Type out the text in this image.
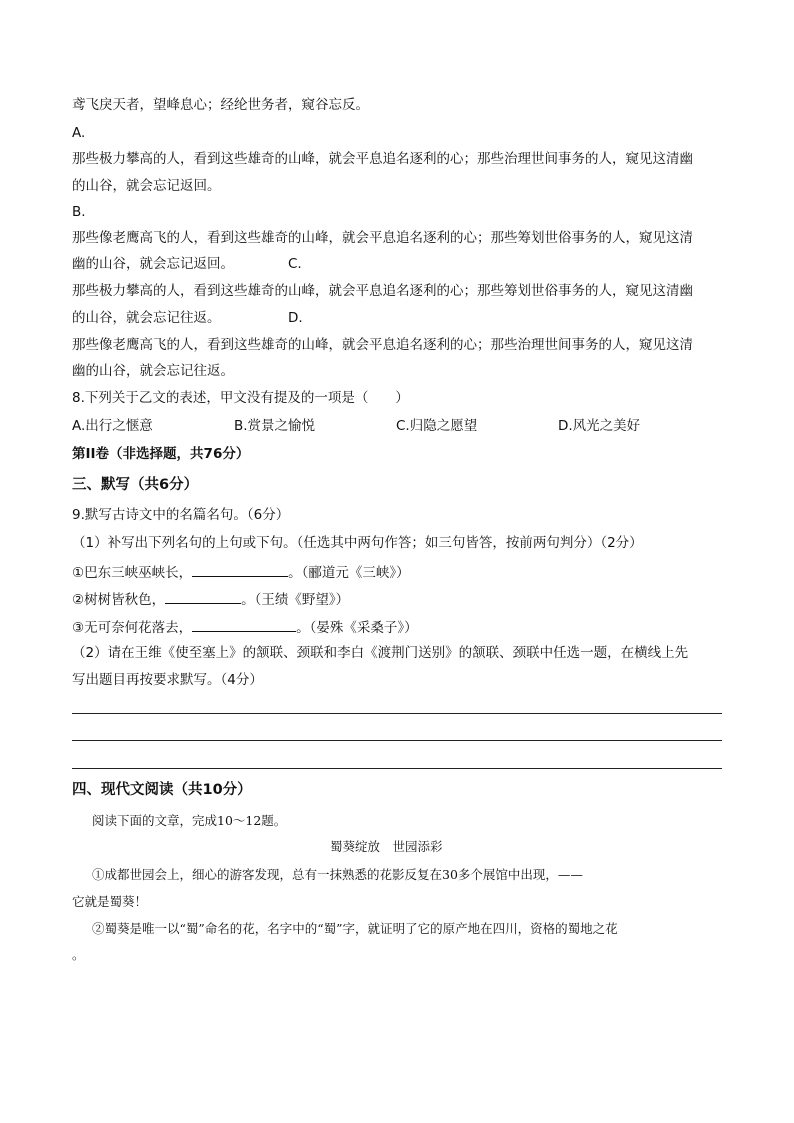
鸢飞戾天者，望峰息心；经纶世务者，窥谷忘反。
A.
那些极力攀高的人，看到这些雄奇的山峰，就会平息追名逐利的心；那些治理世间事务的人，窥见这清幽
的山谷，就会忘记返回。
B.
那些像老鹰高飞的人，看到这些雄奇的山峰，就会平息追名逐利的心；那些筹划世俗事务的人，窥见这清
幽的山谷，就会忘记返回。	C.
那些极力攀高的人，看到这些雄奇的山峰，就会平息追名逐利的心；那些筹划世俗事务的人，窥见这清幽
的山谷，就会忘记往返。	D.
那些像老鹰高飞的人，看到这些雄奇的山峰，就会平息追名逐利的心；那些治理世间事务的人，窥见这清
幽的山谷，就会忘记往返。
8.下列关于乙文的表述，甲文没有提及的一项是（　　）
A.出行之惬意	B.赏景之愉悦	C.归隐之愿望	D.风光之美好
第II卷（非选择题，共76分）
三、默写（共6分）
9.默写古诗文中的名篇名句。（6分）
（1）补写出下列名句的上句或下句。（任选其中两句作答；如三句皆答，按前两句判分）（2分）
①巴东三峡巫峡长，	。（郦道元《三峡》）
②树树皆秋色，	。（王绩《野望》）
③无可奈何花落去，	。（晏殊《采桑子》）
（2）请在王维《使至塞上》的颔联、颈联和李白《渡荆门送别》的颔联、颈联中任选一题，在横线上先
写出题目再按要求默写。（4分）
四、现代文阅读（共10分）
阅读下面的文章，完成10～12题。
蜀葵绽放　世园添彩
①成都世园会上，细心的游客发现，总有一抹熟悉的花影反复在30多个展馆中出现，——
它就是蜀葵！
②蜀葵是唯一以“蜀”命名的花，名字中的“蜀”字，就证明了它的原产地在四川，资格的蜀地之花
。
